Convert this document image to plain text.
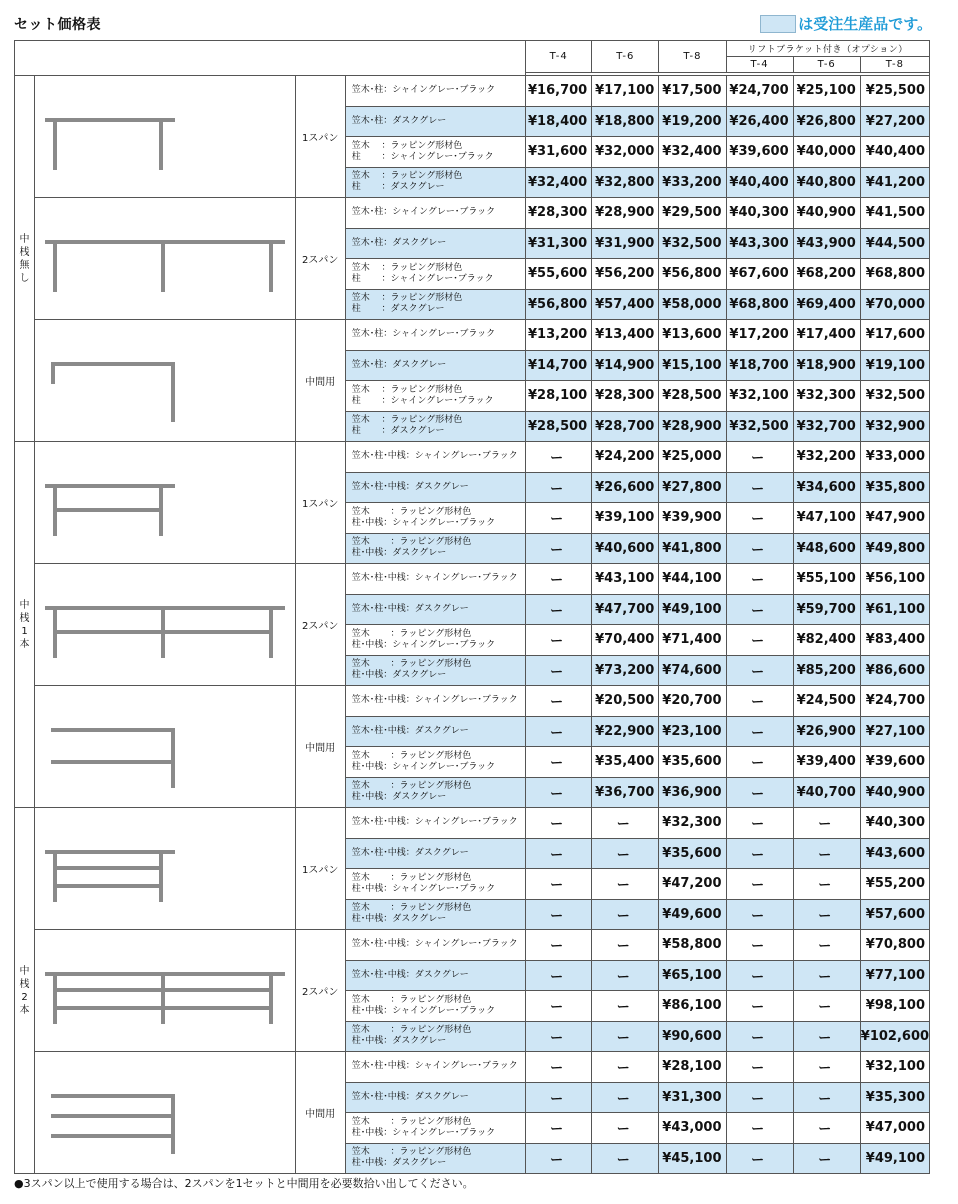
セット価格表	は受注生産品です。
				T-4	T-6	T-8	リフトブラケット付き（オプション）		
							T-4	T-6	T-8

中桟無し		1スパン	笠木･柱：シャイングレー･ブラック	¥16,700	¥17,100	¥17,500	¥24,700	¥25,100	¥25,500

			笠木･柱：ダスクグレー	¥18,400	¥18,800	¥19,200	¥26,400	¥26,800	¥27,200

			笠木　 ：ラッピング形材色
柱　　 ：シャイングレー･ブラック	¥31,600	¥32,000	¥32,400	¥39,600	¥40,000	¥40,400

			笠木　 ：ラッピング形材色
柱　　 ：ダスクグレー	¥32,400	¥32,800	¥33,200	¥40,400	¥40,800	¥41,200
	2スパン	笠木･柱：シャイングレー･ブラック	¥28,300	¥28,900	¥29,500	¥40,300	¥40,900	¥41,500

			笠木･柱：ダスクグレー	¥31,300	¥31,900	¥32,500	¥43,300	¥43,900	¥44,500

			笠木　 ：ラッピング形材色
柱　　 ：シャイングレー･ブラック	¥55,600	¥56,200	¥56,800	¥67,600	¥68,200	¥68,800

			笠木　 ：ラッピング形材色
柱　　 ：ダスクグレー	¥56,800	¥57,400	¥58,000	¥68,800	¥69,400	¥70,000
	中間用	笠木･柱：シャイングレー･ブラック	¥13,200	¥13,400	¥13,600	¥17,200	¥17,400	¥17,600

			笠木･柱：ダスクグレー	¥14,700	¥14,900	¥15,100	¥18,700	¥18,900	¥19,100

			笠木　 ：ラッピング形材色
柱　　 ：シャイングレー･ブラック	¥28,100	¥28,300	¥28,500	¥32,100	¥32,300	¥32,500

			笠木　 ：ラッピング形材色
柱　　 ：ダスクグレー	¥28,500	¥28,700	¥28,900	¥32,500	¥32,700	¥32,900

中桟1本		1スパン	笠木･柱･中桟：シャイングレー･ブラック	ー	¥24,200	¥25,000	ー	¥32,200	¥33,000

			笠木･柱･中桟：ダスクグレー	ー	¥26,600	¥27,800	ー	¥34,600	¥35,800

			笠木　　 ：ラッピング形材色
柱･中桟：シャイングレー･ブラック	ー	¥39,100	¥39,900	ー	¥47,100	¥47,900

			笠木　　 ：ラッピング形材色
柱･中桟：ダスクグレー	ー	¥40,600	¥41,800	ー	¥48,600	¥49,800
	2スパン	笠木･柱･中桟：シャイングレー･ブラック	ー	¥43,100	¥44,100	ー	¥55,100	¥56,100

			笠木･柱･中桟：ダスクグレー	ー	¥47,700	¥49,100	ー	¥59,700	¥61,100

			笠木　　 ：ラッピング形材色
柱･中桟：シャイングレー･ブラック	ー	¥70,400	¥71,400	ー	¥82,400	¥83,400

			笠木　　 ：ラッピング形材色
柱･中桟：ダスクグレー	ー	¥73,200	¥74,600	ー	¥85,200	¥86,600
	中間用	笠木･柱･中桟：シャイングレー･ブラック	ー	¥20,500	¥20,700	ー	¥24,500	¥24,700

			笠木･柱･中桟：ダスクグレー	ー	¥22,900	¥23,100	ー	¥26,900	¥27,100

			笠木　　 ：ラッピング形材色
柱･中桟：シャイングレー･ブラック	ー	¥35,400	¥35,600	ー	¥39,400	¥39,600

			笠木　　 ：ラッピング形材色
柱･中桟：ダスクグレー	ー	¥36,700	¥36,900	ー	¥40,700	¥40,900

中桟2本		1スパン	笠木･柱･中桟：シャイングレー･ブラック	ー	ー	¥32,300	ー	ー	¥40,300

			笠木･柱･中桟：ダスクグレー	ー	ー	¥35,600	ー	ー	¥43,600

			笠木　　 ：ラッピング形材色
柱･中桟：シャイングレー･ブラック	ー	ー	¥47,200	ー	ー	¥55,200

			笠木　　 ：ラッピング形材色
柱･中桟：ダスクグレー	ー	ー	¥49,600	ー	ー	¥57,600
	2スパン	笠木･柱･中桟：シャイングレー･ブラック	ー	ー	¥58,800	ー	ー	¥70,800

			笠木･柱･中桟：ダスクグレー	ー	ー	¥65,100	ー	ー	¥77,100

			笠木　　 ：ラッピング形材色
柱･中桟：シャイングレー･ブラック	ー	ー	¥86,100	ー	ー	¥98,100

			笠木　　 ：ラッピング形材色
柱･中桟：ダスクグレー	ー	ー	¥90,600	ー	ー	¥102,600
	中間用	笠木･柱･中桟：シャイングレー･ブラック	ー	ー	¥28,100	ー	ー	¥32,100

			笠木･柱･中桟：ダスクグレー	ー	ー	¥31,300	ー	ー	¥35,300

			笠木　　 ：ラッピング形材色
柱･中桟：シャイングレー･ブラック	ー	ー	¥43,000	ー	ー	¥47,000

			笠木　　 ：ラッピング形材色
柱･中桟：ダスクグレー	ー	ー	¥45,100	ー	ー	¥49,100
●3スパン以上で使用する場合は、2スパンを1セットと中間用を必要数拾い出してください。
